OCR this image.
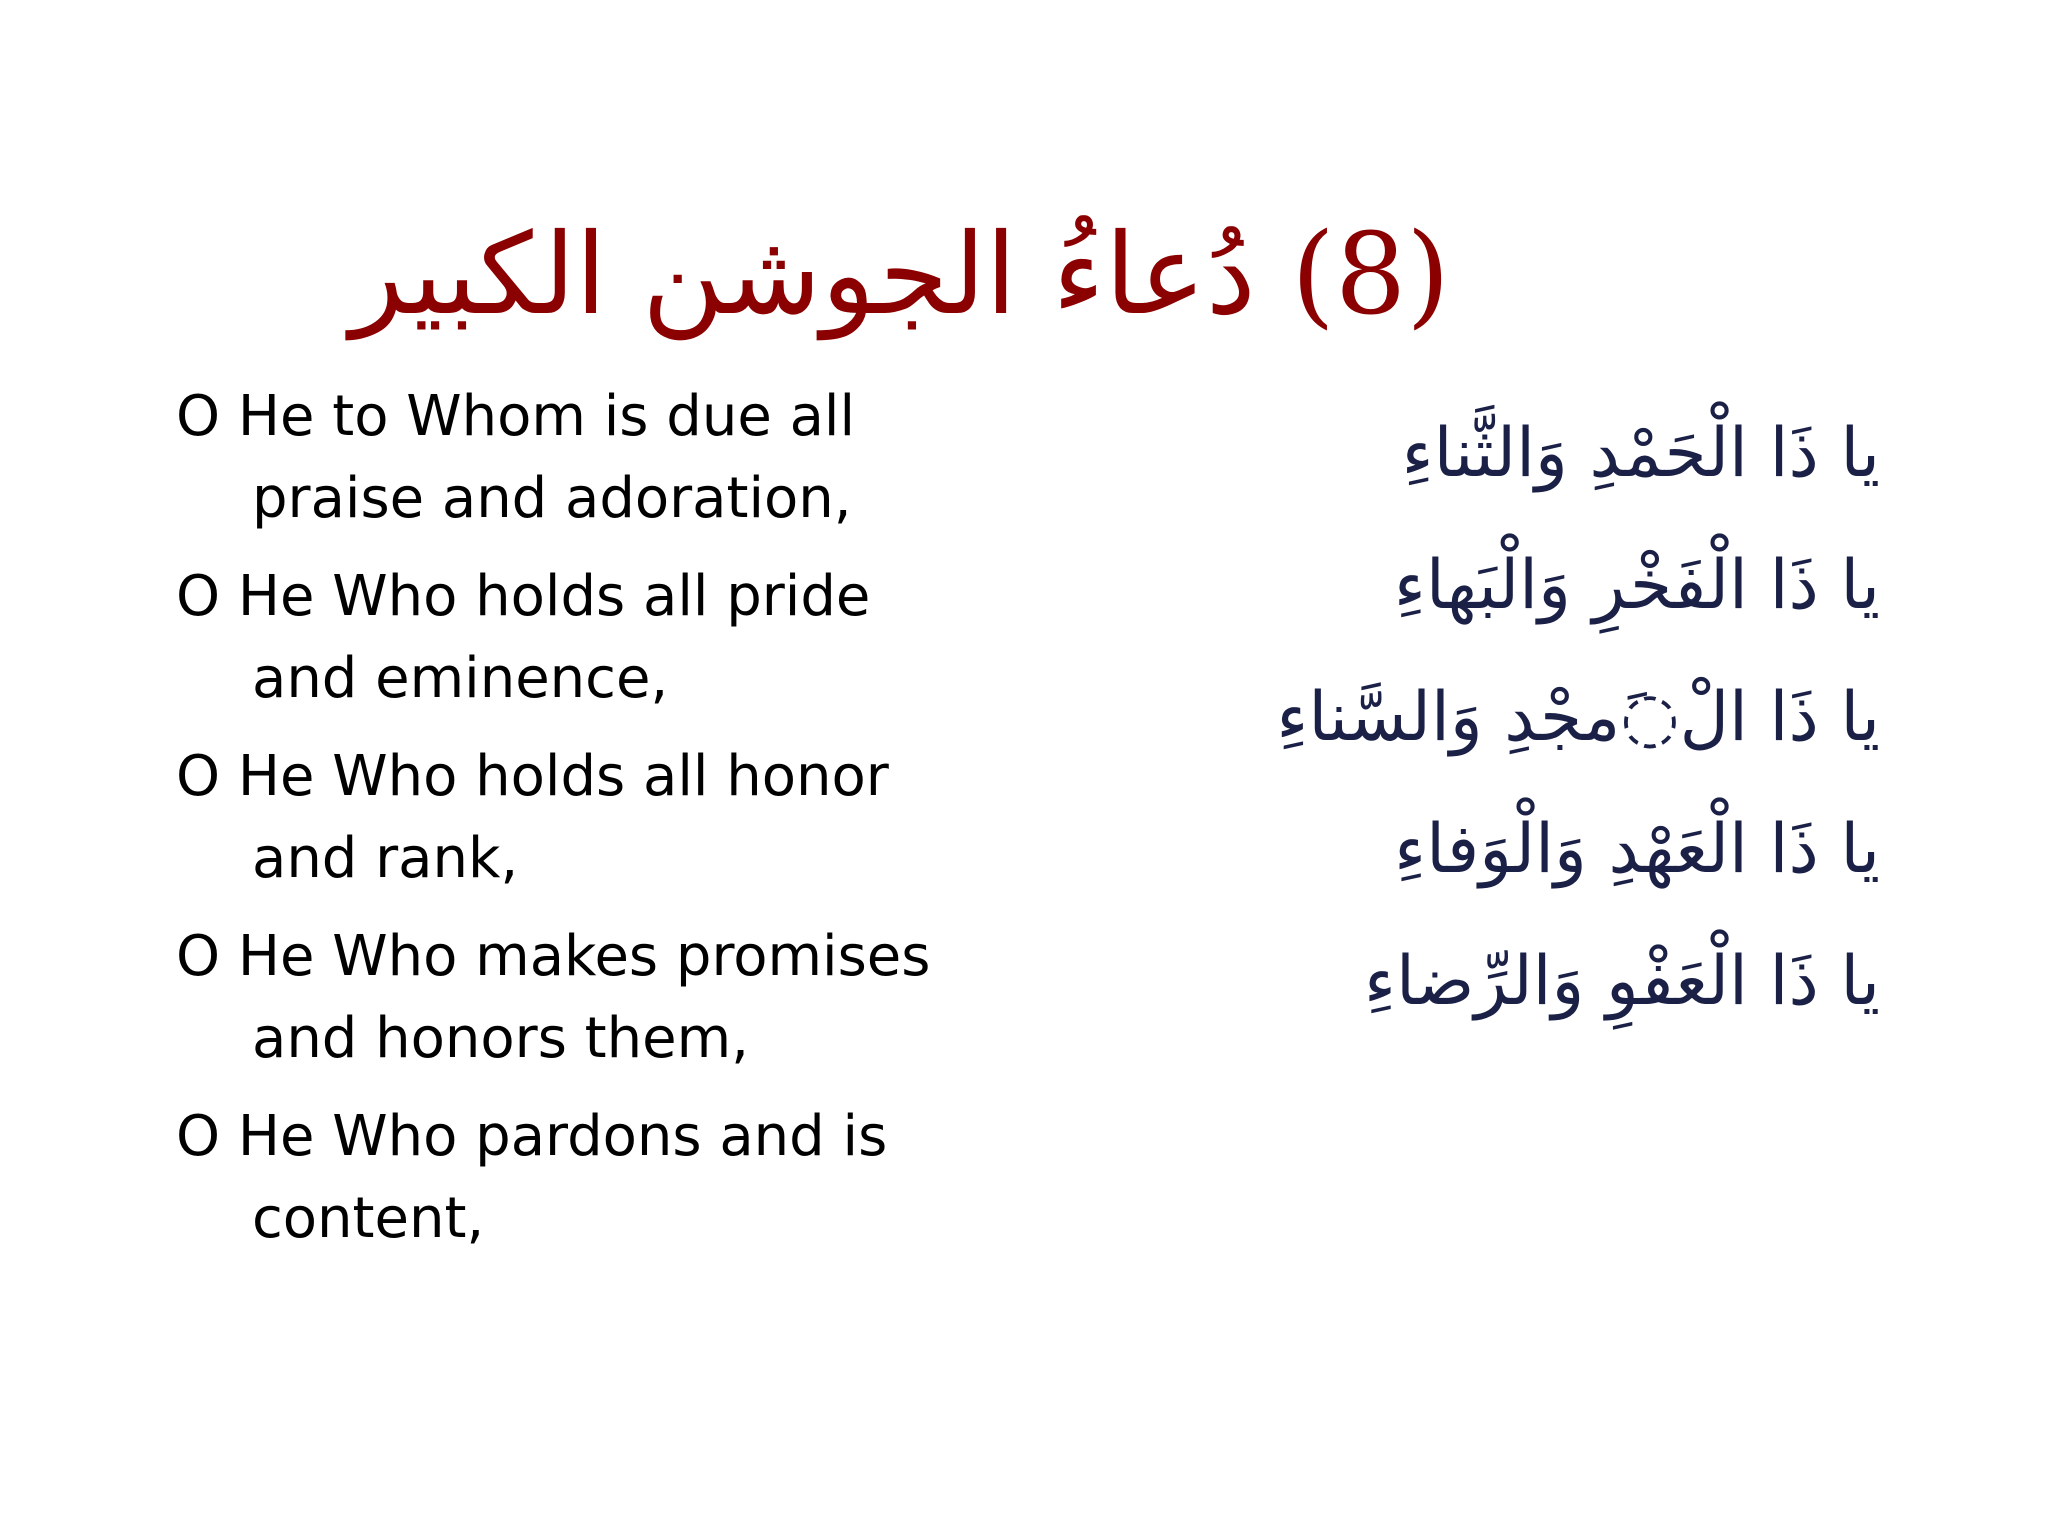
(8) دُعاءُ الجوشن الكبير
O He to Whom is due all praise and adoration,
O He Who holds all pride and eminence,
O He Who holds all honor and rank,
O He Who makes promises and honors them,
O He Who pardons and is content,
يا ذَا الْحَمْدِ وَالثَّناءِ
يا ذَا الْفَخْرِ وَالْبَهاءِ
يا ذَا الْ◌َمجْدِ وَالسَّناءِ
يا ذَا الْعَهْدِ وَالْوَفاءِ
يا ذَا الْعَفْوِ وَالرِّضاءِ
